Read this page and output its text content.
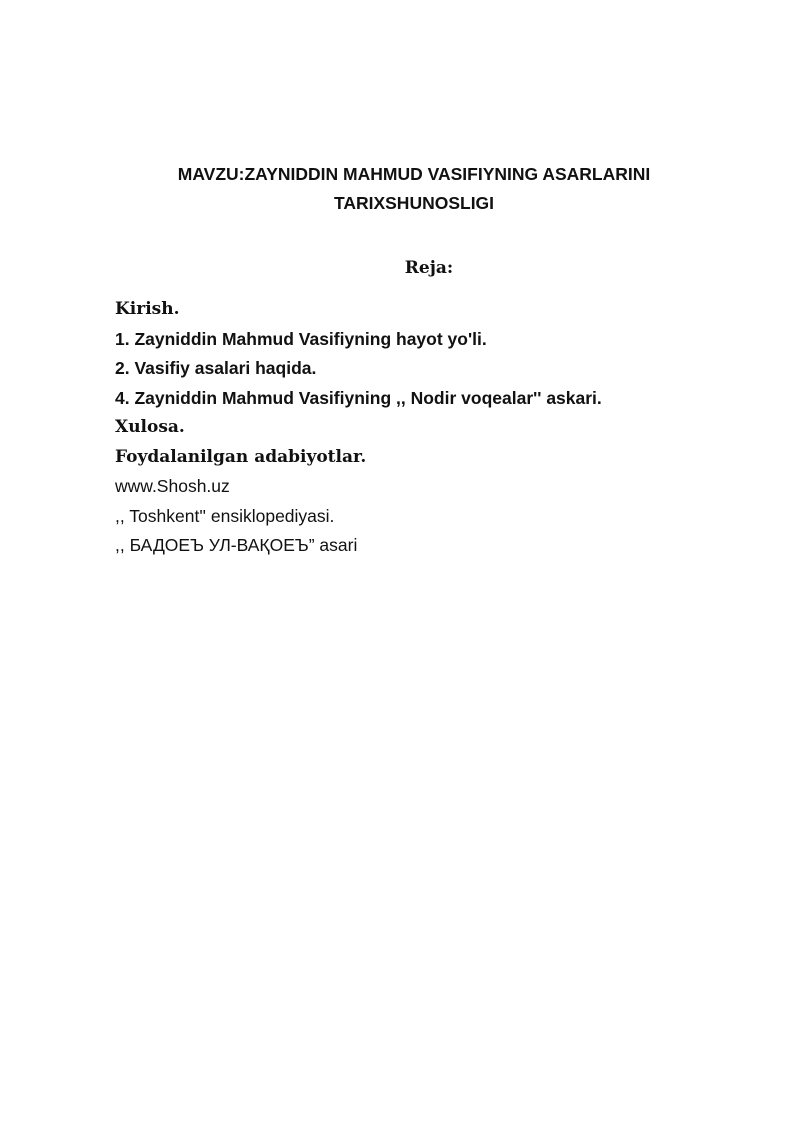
MAVZU:ZAYNIDDIN MAHMUD VASIFIYNING ASARLARINI
TARIXSHUNOSLIGI
Reja:
Kirish.
1. Zayniddin Mahmud Vasifiyning hayot yo'li.
2. Vasifiy asalari haqida.
4. Zayniddin Mahmud Vasifiyning ,, Nodir voqealar'' askari.
Xulosa.
Foydalanilgan adabiyotlar.
www.Shosh.uz
,, Toshkent'' ensiklopediyasi.
,, БАДОЕЪ УЛ-ВАҚОЕЪ” asari
